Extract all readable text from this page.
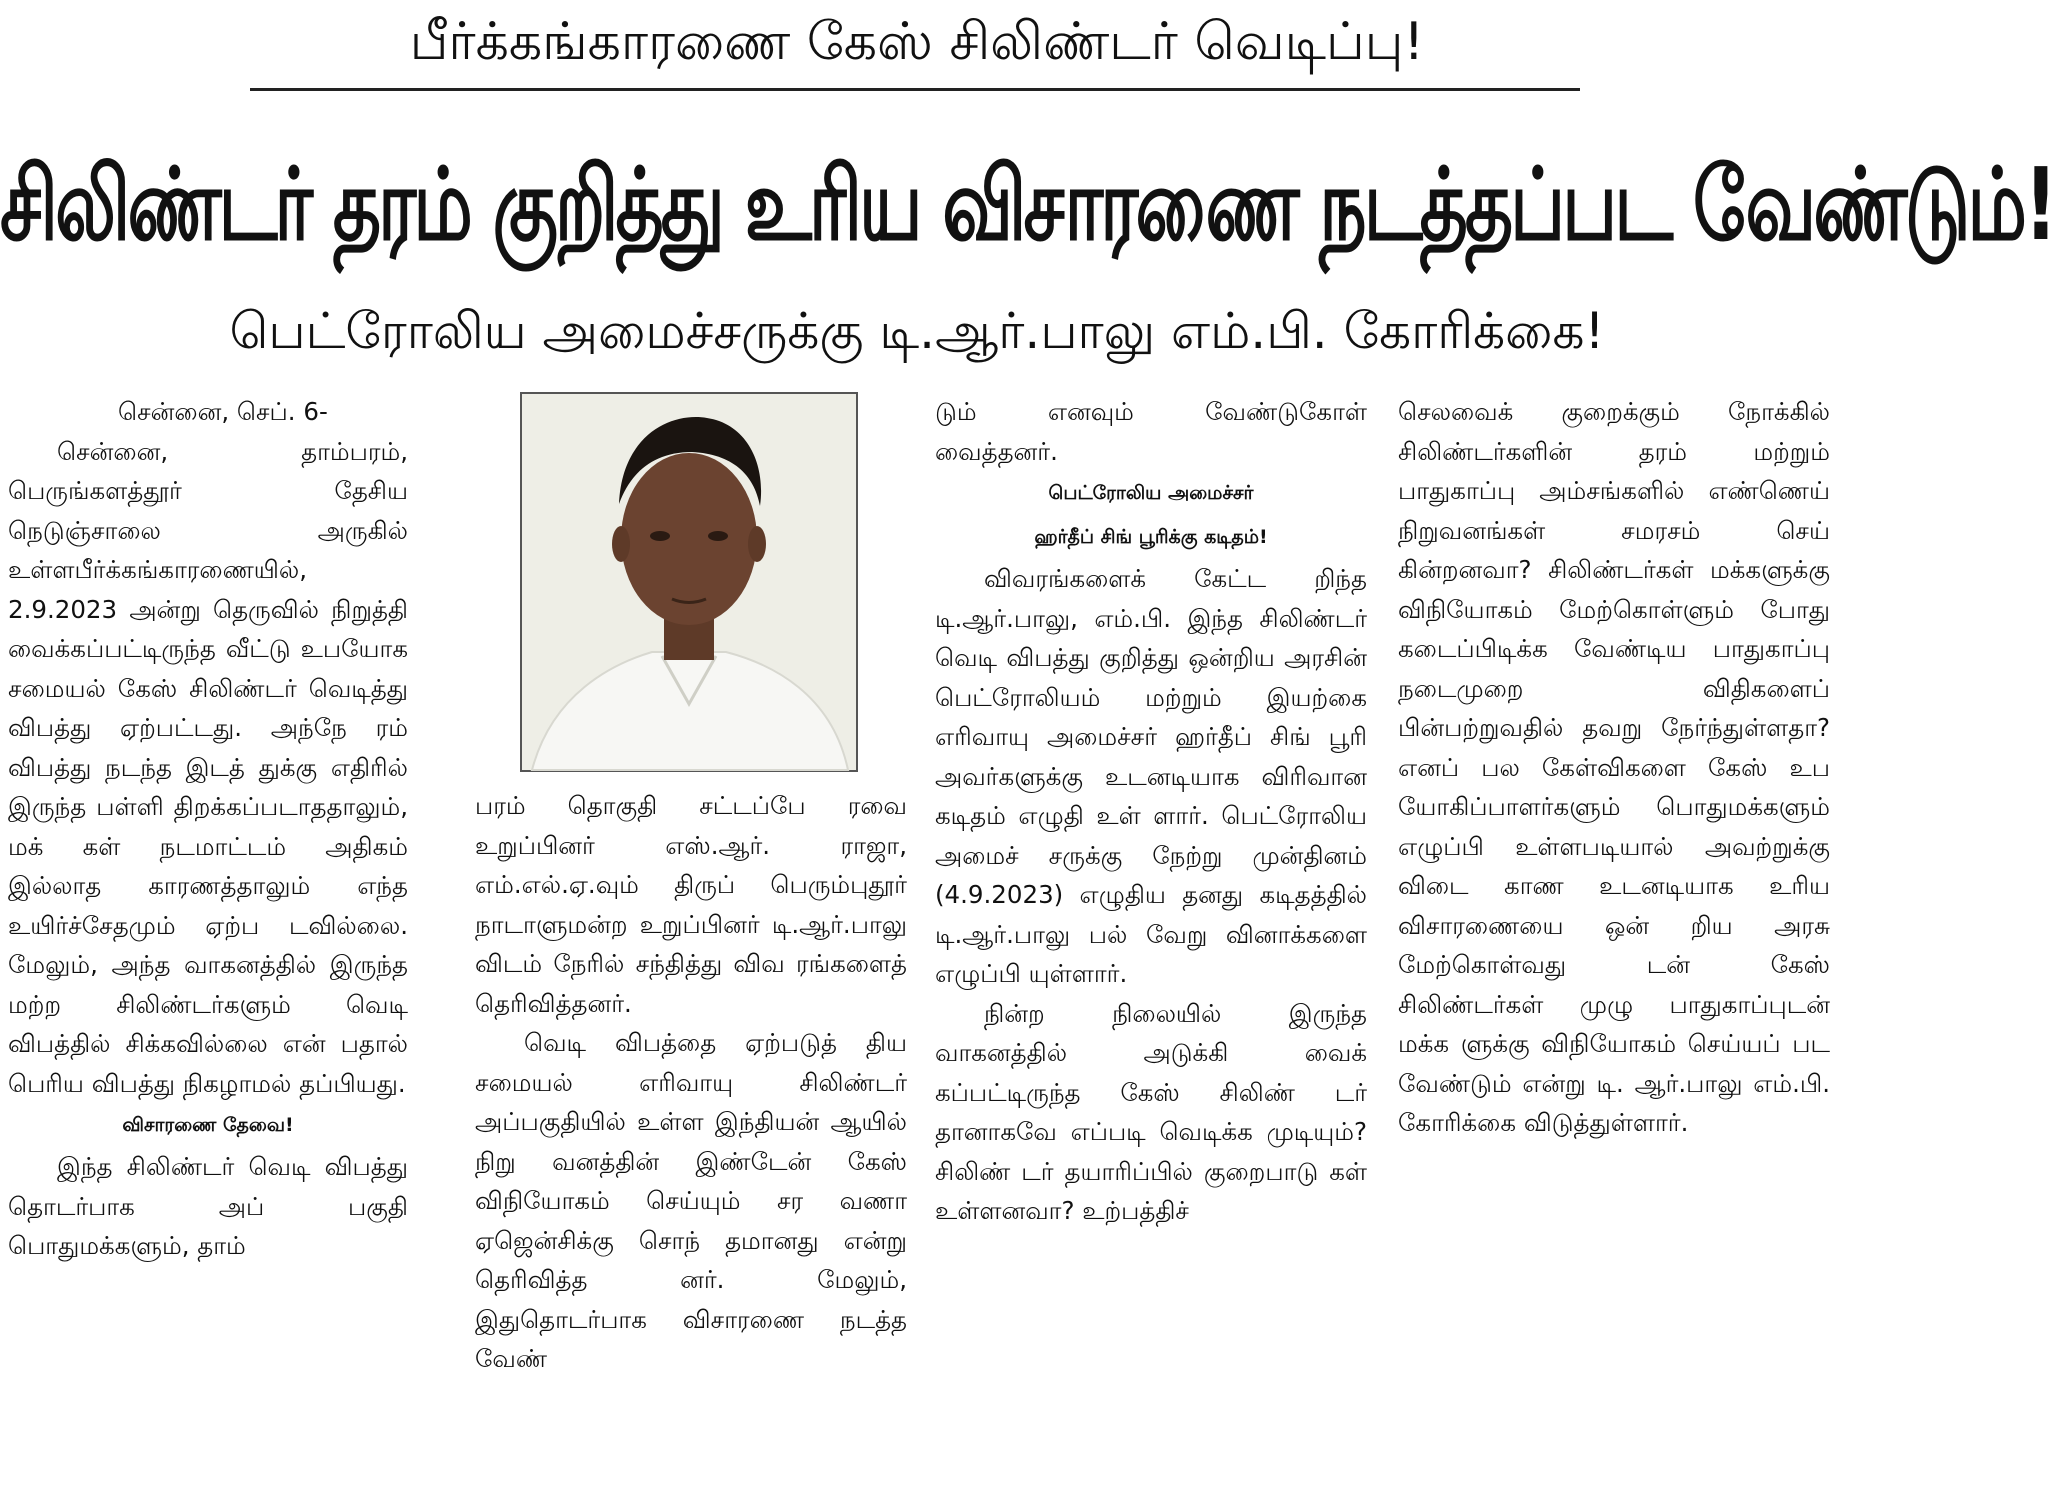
பீர்க்கங்காரணை கேஸ் சிலிண்டர் வெடிப்பு!
சிலிண்டர் தரம் குறித்து உரிய விசாரணை நடத்தப்பட வேண்டும்!
பெட்ரோலிய அமைச்சருக்கு டி.ஆர்.பாலு எம்.பி. கோரிக்கை!

சென்னை, செப். 6-

சென்னை, தாம்பரம், பெருங்களத்தூர் தேசிய நெடுஞ்சாலை அருகில் உள்ளபீர்க்கங்காரணையில், 2.9.2023 அன்று தெருவில் நிறுத்தி வைக்கப்பட்டிருந்த வீட்டு உபயோக சமையல் கேஸ் சிலிண்டர் வெடித்து விபத்து ஏற்பட்டது. அந்நே ரம் விபத்து நடந்த இடத் துக்கு எதிரில் இருந்த பள்ளி திறக்கப்படாததாலும், மக் கள் நடமாட்டம் அதிகம் இல்லாத காரணத்தாலும் எந்த உயிர்ச்சேதமும் ஏற்ப டவில்லை. மேலும், அந்த வாகனத்தில் இருந்த மற்ற சிலிண்டர்களும் வெடி விபத்தில் சிக்கவில்லை என் பதால் பெரிய விபத்து நிகழாமல் தப்பியது.

விசாரணை தேவை!

இந்த சிலிண்டர் வெடி விபத்து தொடர்பாக அப் பகுதி பொதுமக்களும், தாம்

பரம் தொகுதி சட்டப்பே ரவை உறுப்பினர் எஸ்.ஆர். ராஜா, எம்.எல்.ஏ.வும் திருப் பெரும்புதூர் நாடாளுமன்ற உறுப்பினர் டி.ஆர்.பாலு விடம் நேரில் சந்தித்து விவ ரங்களைத் தெரிவித்தனர்.

வெடி விபத்தை ஏற்படுத் திய சமையல் எரிவாயு சிலிண்டர் அப்பகுதியில் உள்ள இந்தியன் ஆயில் நிறு வனத்தின் இண்டேன் கேஸ் விநியோகம் செய்யும் சர வணா ஏஜென்சிக்கு சொந் தமானது என்று தெரிவித்த னர். மேலும், இதுதொடர்பாக விசாரணை நடத்த வேண்

டும் எனவும் வேண்டுகோள் வைத்தனர்.

பெட்ரோலிய அமைச்சர்

ஹர்தீப் சிங் பூரிக்கு கடிதம்!

விவரங்களைக் கேட்ட றிந்த டி.ஆர்.பாலு, எம்.பி. இந்த சிலிண்டர் வெடி விபத்து குறித்து ஒன்றிய அரசின் பெட்ரோலியம் மற்றும் இயற்கை எரிவாயு அமைச்சர் ஹர்தீப் சிங் பூரி அவர்களுக்கு உடனடியாக விரிவான கடிதம் எழுதி உள் ளார். பெட்ரோலிய அமைச் சருக்கு நேற்று முன்தினம் (4.9.2023) எழுதிய தனது கடிதத்தில் டி.ஆர்.பாலு பல் வேறு வினாக்களை எழுப்பி யுள்ளார்.

நின்ற நிலையில் இருந்த வாகனத்தில் அடுக்கி வைக் கப்பட்டிருந்த கேஸ் சிலிண் டர் தானாகவே எப்படி வெடிக்க முடியும்? சிலிண் டர் தயாரிப்பில் குறைபாடு கள் உள்ளனவா? உற்பத்திச்

செலவைக் குறைக்கும் நோக்கில் சிலிண்டர்களின் தரம் மற்றும் பாதுகாப்பு அம்சங்களில் எண்ணெய் நிறுவனங்கள் சமரசம் செய் கின்றனவா? சிலிண்டர்கள் மக்களுக்கு விநியோகம் மேற்கொள்ளும் போது கடைப்பிடிக்க வேண்டிய பாதுகாப்பு நடைமுறை விதிகளைப் பின்பற்றுவதில் தவறு நேர்ந்துள்ளதா? எனப் பல கேள்விகளை கேஸ் உப யோகிப்பாளர்களும் பொதுமக்களும் எழுப்பி உள்ளபடியால் அவற்றுக்கு விடை காண உடனடியாக உரிய விசாரணையை ஒன் றிய அரசு மேற்கொள்வது டன் கேஸ் சிலிண்டர்கள் முழு பாதுகாப்புடன் மக்க ளுக்கு விநியோகம் செய்யப் பட வேண்டும் என்று டி. ஆர்.பாலு எம்.பி. கோரிக்கை விடுத்துள்ளார்.
